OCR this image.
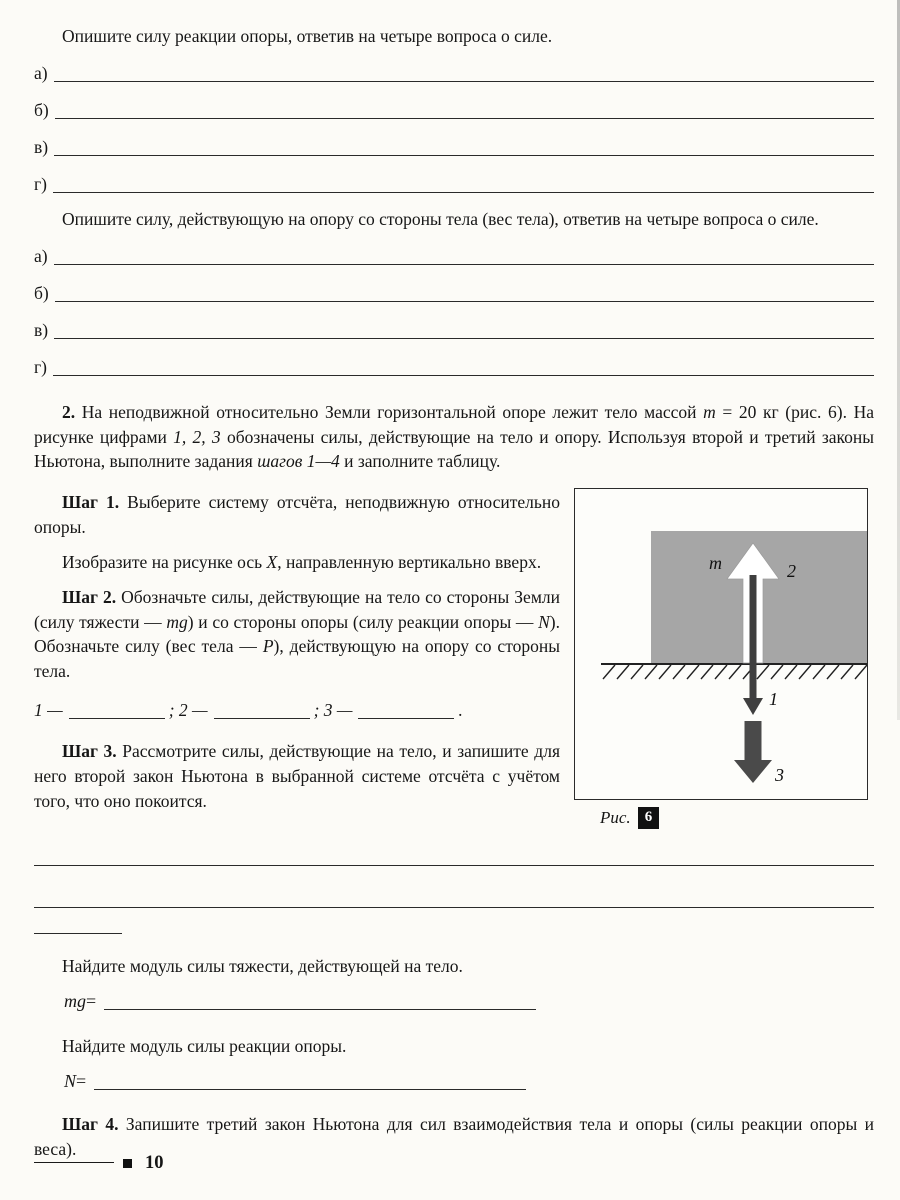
Опишите силу реакции опоры, ответив на четыре вопроса о силе.

а)
б)
в)
г)

Опишите силу, действующую на опору со стороны тела (вес тела), ответив на четыре вопроса о силе.

а)
б)
в)
г)

2. На неподвижной относительно Земли горизонтальной опоре лежит тело массой m = 20 кг (рис. 6). На рисунке цифрами 1, 2, 3 обозначены силы, действующие на тело и опору. Используя второй и третий законы Ньютона, выполните задания шагов 1—4 и заполните таблицу.

Шаг 1. Выберите систему отсчёта, неподвижную относительно опоры.

Изобразите на рисунке ось X, направленную вертикально вверх.

Шаг 2. Обозначьте силы, действующие на тело со стороны Земли (силу тяжести — mg) и со стороны опоры (силу реакции опоры — N). Обозначьте силу (вес тела — P), действующую на опору со стороны тела.

1 —	; 2 —	; 3 —	.

Шаг 3. Рассмотрите силы, действующие на тело, и запишите для него второй закон Ньютона в выбранной системе отсчёта с учётом того, что оно покоится.

m	2
1
3
Рис. 6

Найдите модуль силы тяжести, действующей на тело.

mg =

Найдите модуль силы реакции опоры.

N =

Шаг 4. Запишите третий закон Ньютона для сил взаимодействия тела и опоры (силы реакции опоры и веса).

10
